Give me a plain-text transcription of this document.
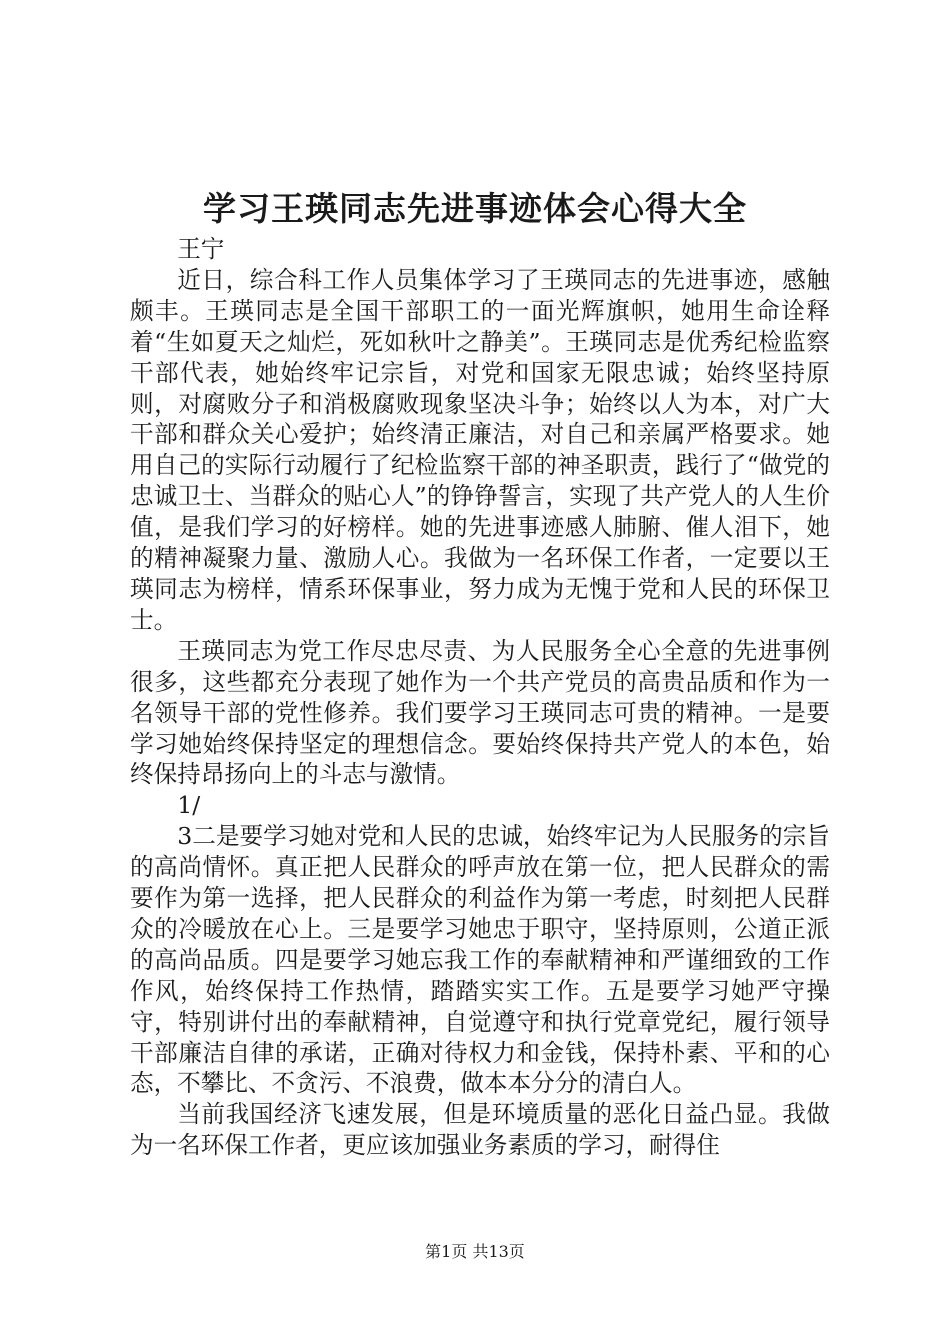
学习王瑛同志先进事迹体会心得大全

王宁

近日，综合科工作人员集体学习了王瑛同志的先进事迹，感触颇丰。王瑛同志是全国干部职工的一面光辉旗帜，她用生命诠释着“生如夏天之灿烂，死如秋叶之静美”。王瑛同志是优秀纪检监察干部代表，她始终牢记宗旨，对党和国家无限忠诚；始终坚持原则，对腐败分子和消极腐败现象坚决斗争；始终以人为本，对广大干部和群众关心爱护；始终清正廉洁，对自己和亲属严格要求。她用自己的实际行动履行了纪检监察干部的神圣职责，践行了“做党的忠诚卫士、当群众的贴心人”的铮铮誓言，实现了共产党人的人生价值，是我们学习的好榜样。她的先进事迹感人肺腑、催人泪下，她的精神凝聚力量、激励人心。我做为一名环保工作者，一定要以王瑛同志为榜样，情系环保事业，努力成为无愧于党和人民的环保卫士。

王瑛同志为党工作尽忠尽责、为人民服务全心全意的先进事例很多，这些都充分表现了她作为一个共产党员的高贵品质和作为一名领导干部的党性修养。我们要学习王瑛同志可贵的精神。一是要学习她始终保持坚定的理想信念。要始终保持共产党人的本色，始终保持昂扬向上的斗志与激情。

1/

3二是要学习她对党和人民的忠诚，始终牢记为人民服务的宗旨的高尚情怀。真正把人民群众的呼声放在第一位，把人民群众的需要作为第一选择，把人民群众的利益作为第一考虑，时刻把人民群众的冷暖放在心上。三是要学习她忠于职守，坚持原则，公道正派的高尚品质。四是要学习她忘我工作的奉献精神和严谨细致的工作作风，始终保持工作热情，踏踏实实工作。五是要学习她严守操守，特别讲付出的奉献精神，自觉遵守和执行党章党纪，履行领导干部廉洁自律的承诺，正确对待权力和金钱，保持朴素、平和的心态，不攀比、不贪污、不浪费，做本本分分的清白人。

当前我国经济飞速发展，但是环境质量的恶化日益凸显。我做为一名环保工作者，更应该加强业务素质的学习，耐得住

第1页 共13页
